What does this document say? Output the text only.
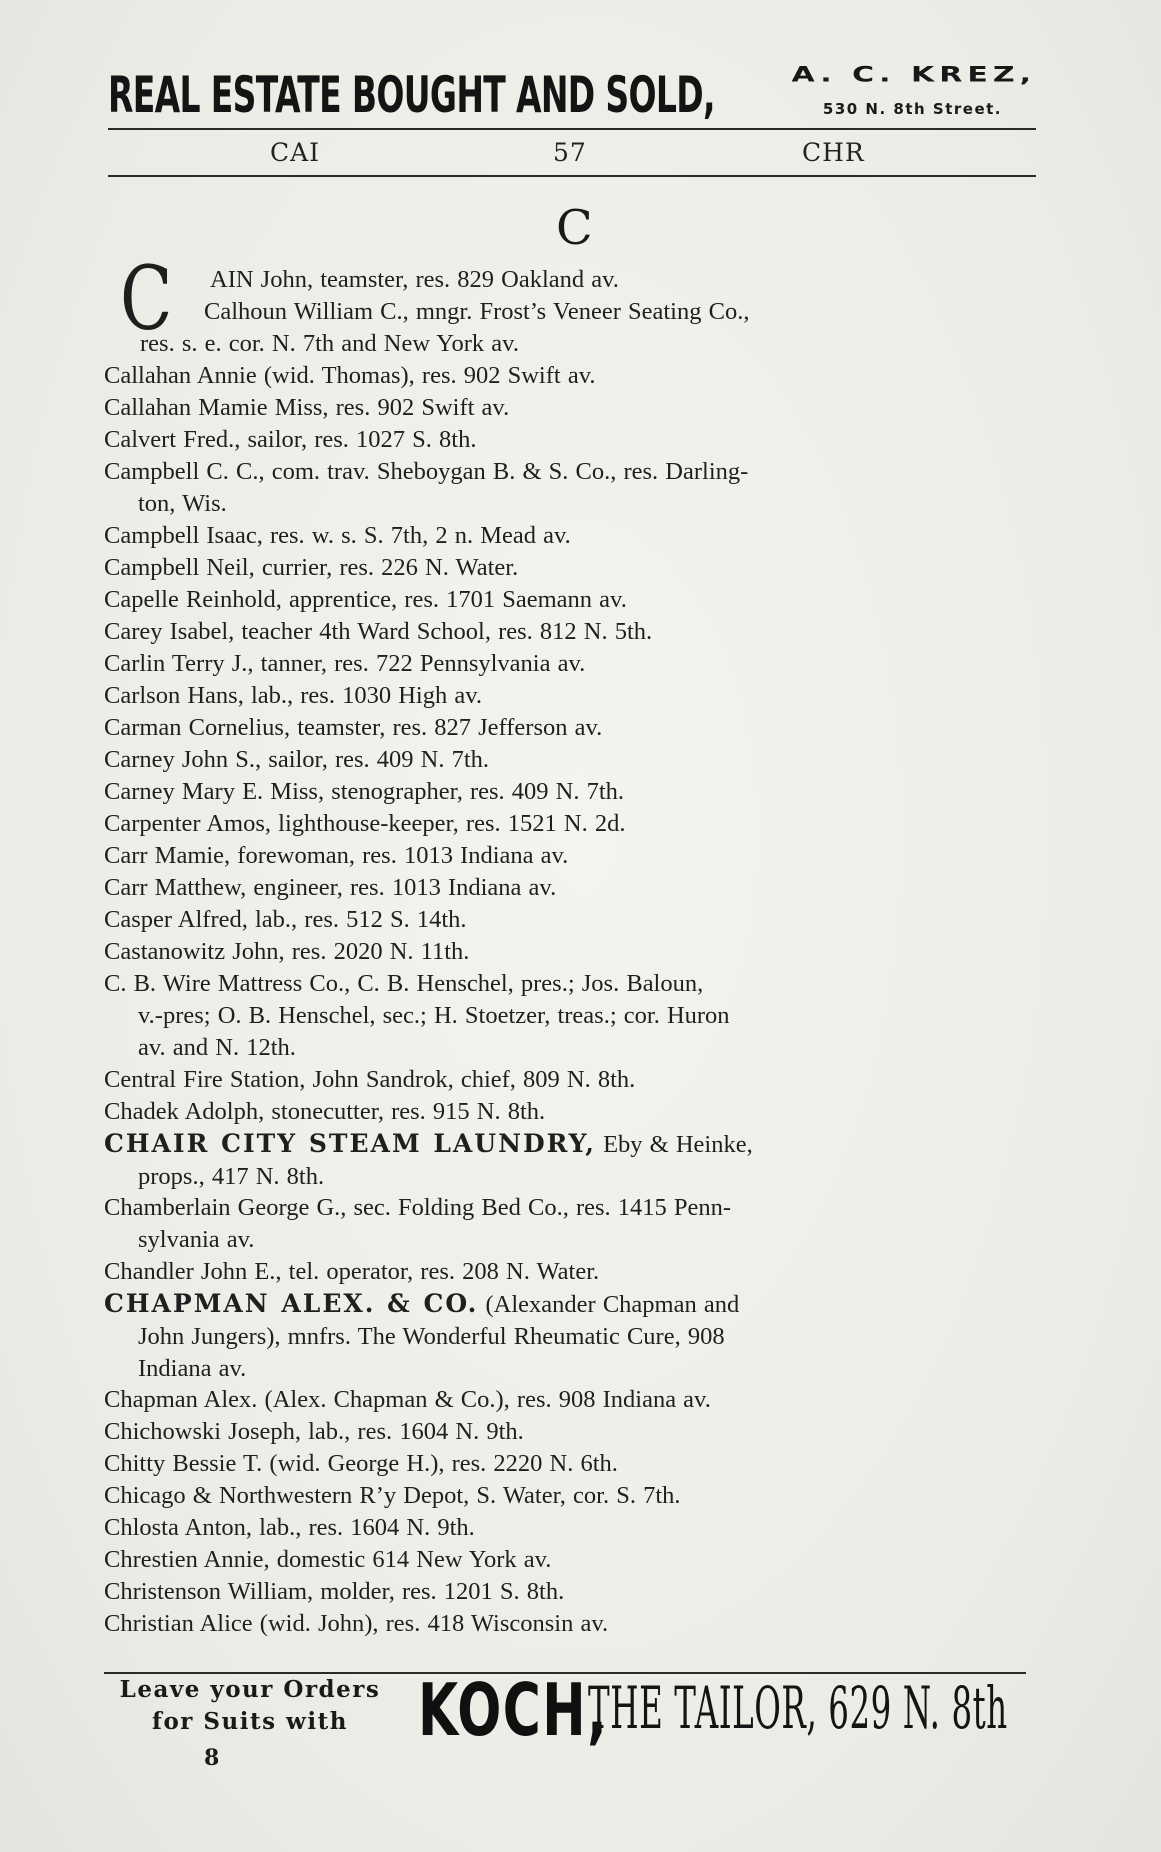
REAL ESTATE BOUGHT AND SOLD,	A. C. KREZ,
530 N. 8th Street.
CAI	57	CHR
C
C	AIN John, teamster, res. 829 Oakland av.
Calhoun William C., mngr. Frost’s Veneer Seating Co.,
res. s. e. cor. N. 7th and New York av.
Callahan Annie (wid. Thomas), res. 902 Swift av.
Callahan Mamie Miss, res. 902 Swift av.
Calvert Fred., sailor, res. 1027 S. 8th.
Campbell C. C., com. trav. Sheboygan B. & S. Co., res. Darling-
ton, Wis.
Campbell Isaac, res. w. s. S. 7th, 2 n. Mead av.
Campbell Neil, currier, res. 226 N. Water.
Capelle Reinhold, apprentice, res. 1701 Saemann av.
Carey Isabel, teacher 4th Ward School, res. 812 N. 5th.
Carlin Terry J., tanner, res. 722 Pennsylvania av.
Carlson Hans, lab., res. 1030 High av.
Carman Cornelius, teamster, res. 827 Jefferson av.
Carney John S., sailor, res. 409 N. 7th.
Carney Mary E. Miss, stenographer, res. 409 N. 7th.
Carpenter Amos, lighthouse-keeper, res. 1521 N. 2d.
Carr Mamie, forewoman, res. 1013 Indiana av.
Carr Matthew, engineer, res. 1013 Indiana av.
Casper Alfred, lab., res. 512 S. 14th.
Castanowitz John, res. 2020 N. 11th.
C. B. Wire Mattress Co., C. B. Henschel, pres.; Jos. Baloun,
v.-pres; O. B. Henschel, sec.; H. Stoetzer, treas.; cor. Huron
av. and N. 12th.
Central Fire Station, John Sandrok, chief, 809 N. 8th.
Chadek Adolph, stonecutter, res. 915 N. 8th.
CHAIR CITY STEAM LAUNDRY, Eby & Heinke,
props., 417 N. 8th.
Chamberlain George G., sec. Folding Bed Co., res. 1415 Penn-
sylvania av.
Chandler John E., tel. operator, res. 208 N. Water.
CHAPMAN ALEX. & CO. (Alexander Chapman and
John Jungers), mnfrs. The Wonderful Rheumatic Cure, 908
Indiana av.
Chapman Alex. (Alex. Chapman & Co.), res. 908 Indiana av.
Chichowski Joseph, lab., res. 1604 N. 9th.
Chitty Bessie T. (wid. George H.), res. 2220 N. 6th.
Chicago & Northwestern R’y Depot, S. Water, cor. S. 7th.
Chlosta Anton, lab., res. 1604 N. 9th.
Chrestien Annie, domestic 614 New York av.
Christenson William, molder, res. 1201 S. 8th.
Christian Alice (wid. John), res. 418 Wisconsin av.
Leave your Orders
for Suits with KOCH,
THE TAILOR, 629 N. 8th
8
